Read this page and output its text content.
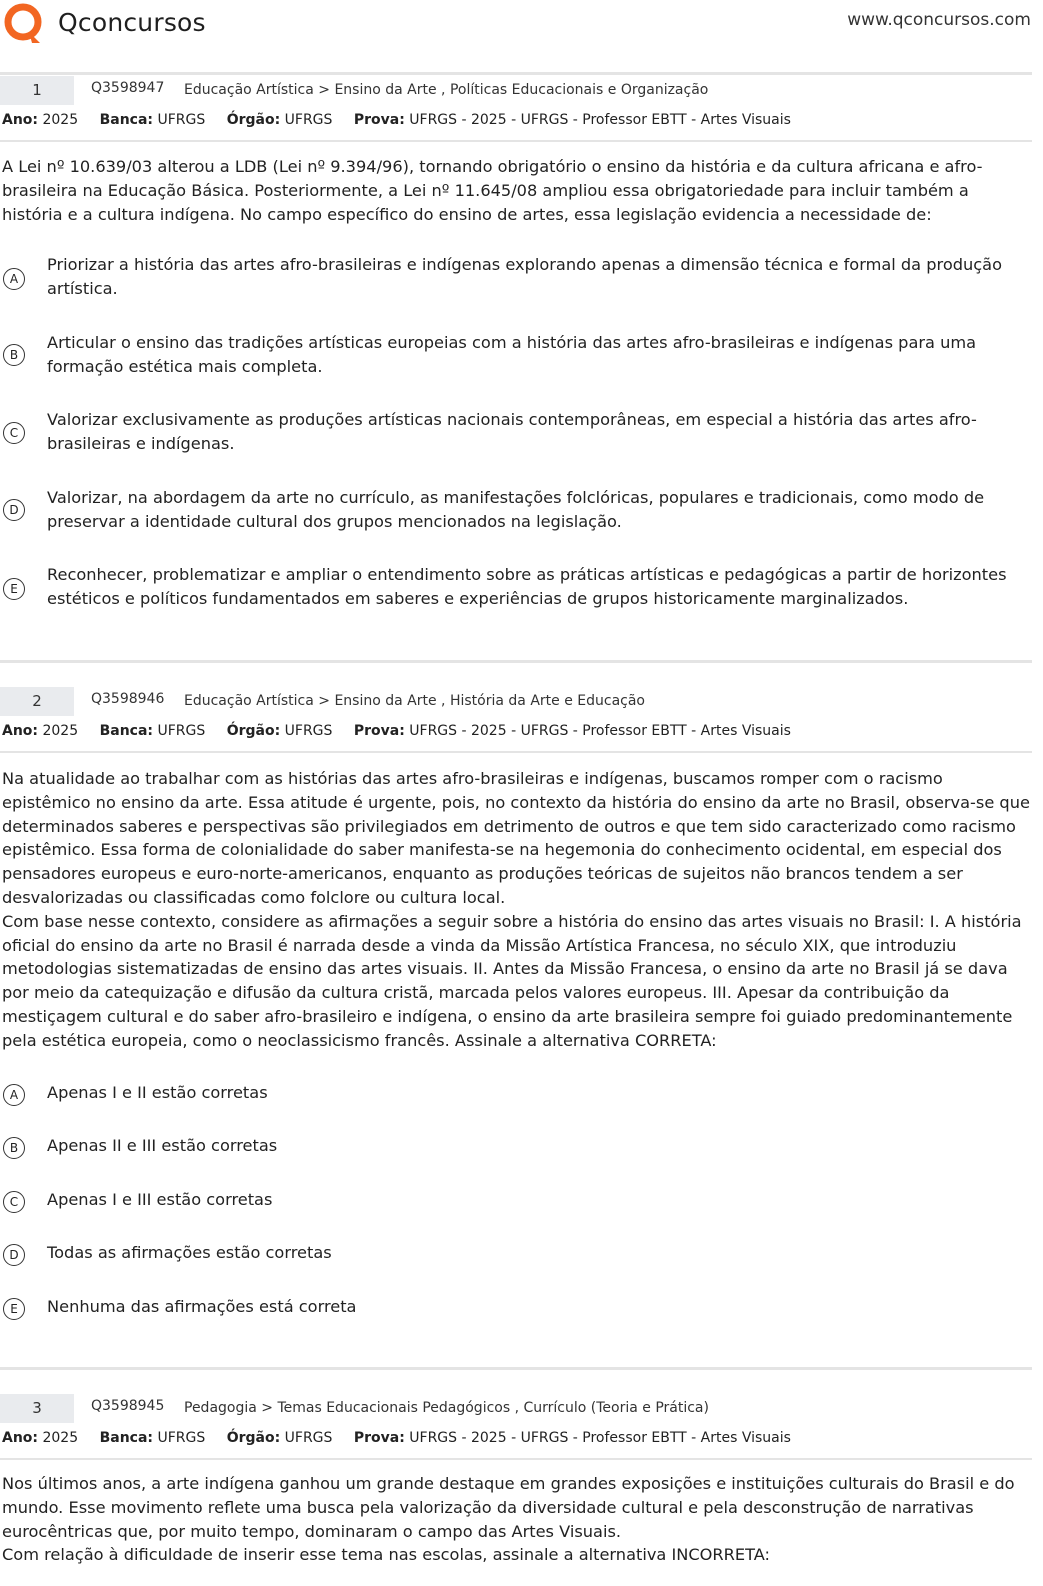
Qconcursos	www.qconcursos.com
1	Q3598947 Educação Artística > Ensino da Arte , Políticas Educacionais e Organização
Ano: 2025 Banca: UFRGS Órgão: UFRGS Prova: UFRGS - 2025 - UFRGS - Professor EBTT - Artes Visuais
A Lei nº 10.639/03 alterou a LDB (Lei nº 9.394/96), tornando obrigatório o ensino da história e da cultura africana e afro-brasileira na Educação Básica. Posteriormente, a Lei nº 11.645/08 ampliou essa obrigatoriedade para incluir também a história e a cultura indígena. No campo específico do ensino de artes, essa legislação evidencia a necessidade de:
A
Priorizar a história das artes afro-brasileiras e indígenas explorando apenas a dimensão técnica e formal da produção artística.
B
Articular o ensino das tradições artísticas europeias com a história das artes afro-brasileiras e indígenas para uma formação estética mais completa.
C
Valorizar exclusivamente as produções artísticas nacionais contemporâneas, em especial a história das artes afro-brasileiras e indígenas.
D
Valorizar, na abordagem da arte no currículo, as manifestações folclóricas, populares e tradicionais, como modo de preservar a identidade cultural dos grupos mencionados na legislação.
E
Reconhecer, problematizar e ampliar o entendimento sobre as práticas artísticas e pedagógicas a partir de horizontes estéticos e políticos fundamentados em saberes e experiências de grupos historicamente marginalizados.
2	Q3598946 Educação Artística > Ensino da Arte , História da Arte e Educação
Ano: 2025 Banca: UFRGS Órgão: UFRGS Prova: UFRGS - 2025 - UFRGS - Professor EBTT - Artes Visuais
Na atualidade ao trabalhar com as histórias das artes afro-brasileiras e indígenas, buscamos romper com o racismo epistêmico no ensino da arte. Essa atitude é urgente, pois, no contexto da história do ensino da arte no Brasil, observa-se que determinados saberes e perspectivas são privilegiados em detrimento de outros e que tem sido caracterizado como racismo epistêmico. Essa forma de colonialidade do saber manifesta-se na hegemonia do conhecimento ocidental, em especial dos pensadores europeus e euro-norte-americanos, enquanto as produções teóricas de sujeitos não brancos tendem a ser desvalorizadas ou classificadas como folclore ou cultura local.
Com base nesse contexto, considere as afirmações a seguir sobre a história do ensino das artes visuais no Brasil: I. A história oficial do ensino da arte no Brasil é narrada desde a vinda da Missão Artística Francesa, no século XIX, que introduziu metodologias sistematizadas de ensino das artes visuais. II. Antes da Missão Francesa, o ensino da arte no Brasil já se dava por meio da catequização e difusão da cultura cristã, marcada pelos valores europeus. III. Apesar da contribuição da mestiçagem cultural e do saber afro-brasileiro e indígena, o ensino da arte brasileira sempre foi guiado predominantemente pela estética europeia, como o neoclassicismo francês. Assinale a alternativa CORRETA:
A	Apenas I e II estão corretas
B	Apenas II e III estão corretas
C	Apenas I e III estão corretas
D	Todas as afirmações estão corretas
E	Nenhuma das afirmações está correta
3	Q3598945 Pedagogia > Temas Educacionais Pedagógicos , Currículo (Teoria e Prática)
Ano: 2025 Banca: UFRGS Órgão: UFRGS Prova: UFRGS - 2025 - UFRGS - Professor EBTT - Artes Visuais
Nos últimos anos, a arte indígena ganhou um grande destaque em grandes exposições e instituições culturais do Brasil e do mundo. Esse movimento reflete uma busca pela valorização da diversidade cultural e pela desconstrução de narrativas eurocêntricas que, por muito tempo, dominaram o campo das Artes Visuais.
Com relação à dificuldade de inserir esse tema nas escolas, assinale a alternativa INCORRETA:
